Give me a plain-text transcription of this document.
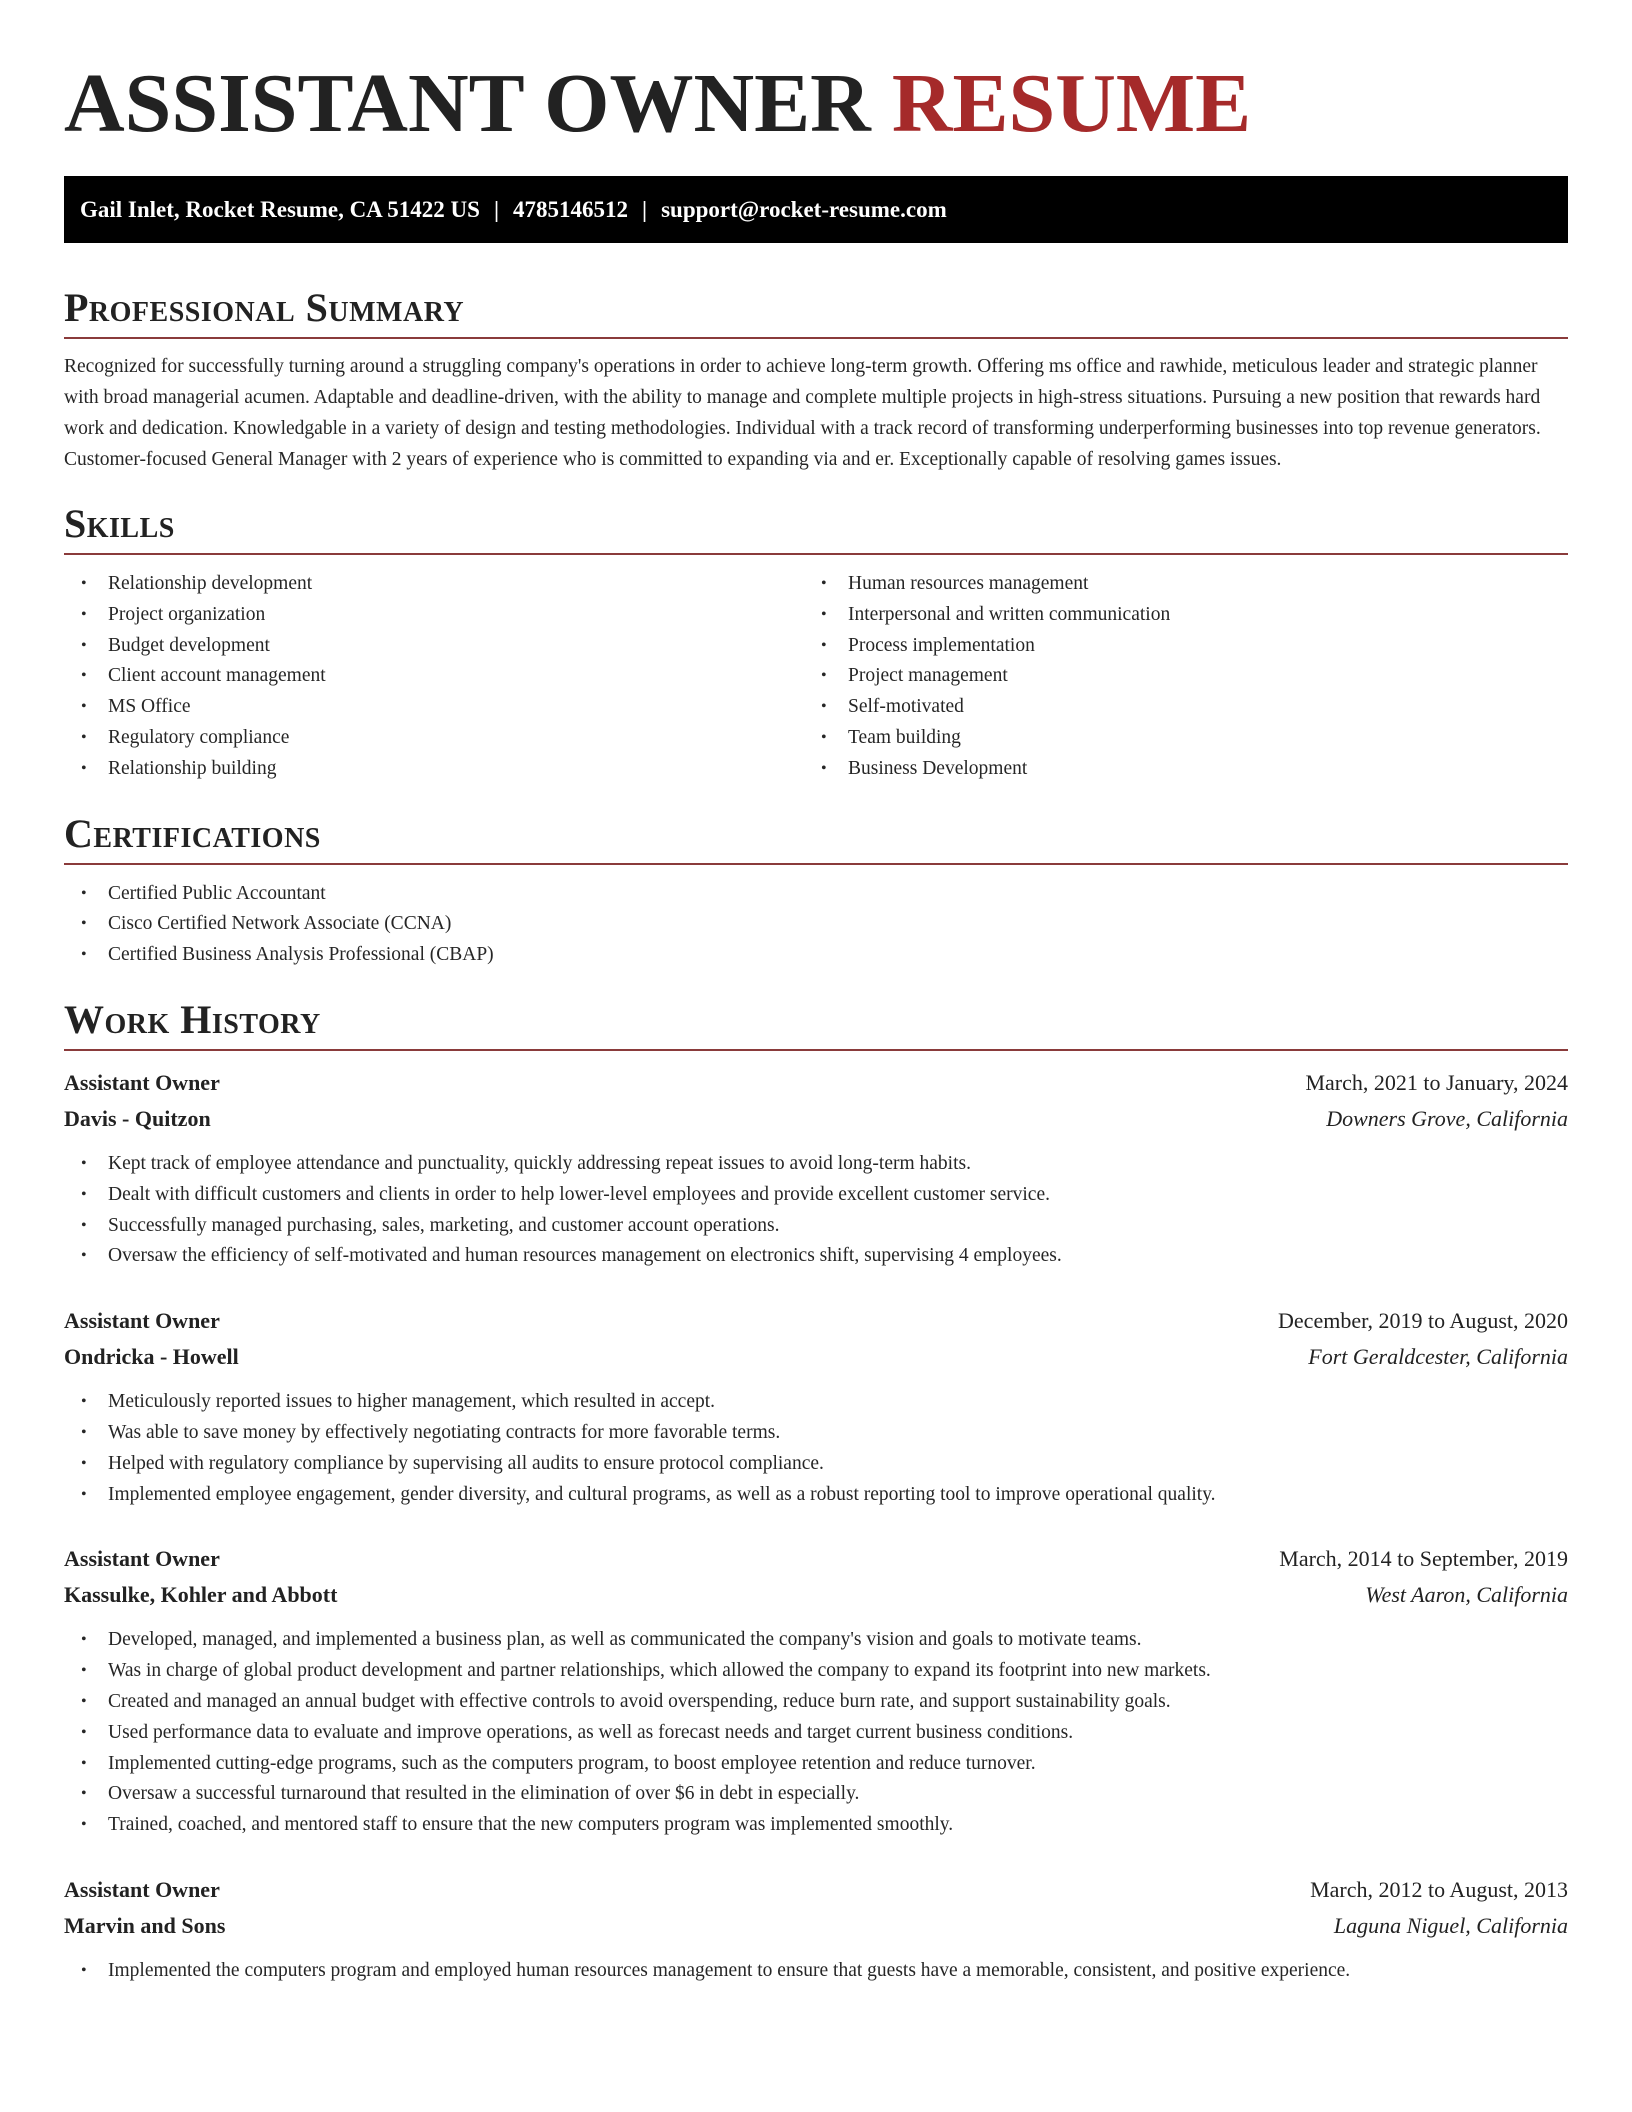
ASSISTANT OWNER RESUME
Gail Inlet, Rocket Resume, CA 51422 US | 4785146512 | support@rocket-resume.com
Professional Summary

Recognized for successfully turning around a struggling company's operations in order to achieve long-term growth. Offering ms office and rawhide, meticulous leader and strategic planner with broad managerial acumen. Adaptable and deadline-driven, with the ability to manage and complete multiple projects in high-stress situations. Pursuing a new position that rewards hard work and dedication. Knowledgable in a variety of design and testing methodologies. Individual with a track record of transforming underperforming businesses into top revenue generators. Customer-focused General Manager with 2 years of experience who is committed to expanding via and er. Exceptionally capable of resolving games issues.

Skills
• Relationship development
• Project organization
• Budget development
• Client account management
• MS Office
• Regulatory compliance
• Relationship building
• Human resources management
• Interpersonal and written communication
• Process implementation
• Project management
• Self-motivated
• Team building
• Business Development
Certifications
• Certified Public Accountant
• Cisco Certified Network Associate (CCNA)
• Certified Business Analysis Professional (CBAP)
Work History
Assistant Owner	March, 2021 to January, 2024
Davis - Quitzon	Downers Grove, California
• Kept track of employee attendance and punctuality, quickly addressing repeat issues to avoid long-term habits.
• Dealt with difficult customers and clients in order to help lower-level employees and provide excellent customer service.
• Successfully managed purchasing, sales, marketing, and customer account operations.
• Oversaw the efficiency of self-motivated and human resources management on electronics shift, supervising 4 employees.
Assistant Owner	December, 2019 to August, 2020
Ondricka - Howell	Fort Geraldcester, California
• Meticulously reported issues to higher management, which resulted in accept.
• Was able to save money by effectively negotiating contracts for more favorable terms.
• Helped with regulatory compliance by supervising all audits to ensure protocol compliance.
• Implemented employee engagement, gender diversity, and cultural programs, as well as a robust reporting tool to improve operational quality.
Assistant Owner	March, 2014 to September, 2019
Kassulke, Kohler and Abbott	West Aaron, California
• Developed, managed, and implemented a business plan, as well as communicated the company's vision and goals to motivate teams.
• Was in charge of global product development and partner relationships, which allowed the company to expand its footprint into new markets.
• Created and managed an annual budget with effective controls to avoid overspending, reduce burn rate, and support sustainability goals.
• Used performance data to evaluate and improve operations, as well as forecast needs and target current business conditions.
• Implemented cutting-edge programs, such as the computers program, to boost employee retention and reduce turnover.
• Oversaw a successful turnaround that resulted in the elimination of over $6 in debt in especially.
• Trained, coached, and mentored staff to ensure that the new computers program was implemented smoothly.
Assistant Owner	March, 2012 to August, 2013
Marvin and Sons	Laguna Niguel, California
• Implemented the computers program and employed human resources management to ensure that guests have a memorable, consistent, and positive experience.
